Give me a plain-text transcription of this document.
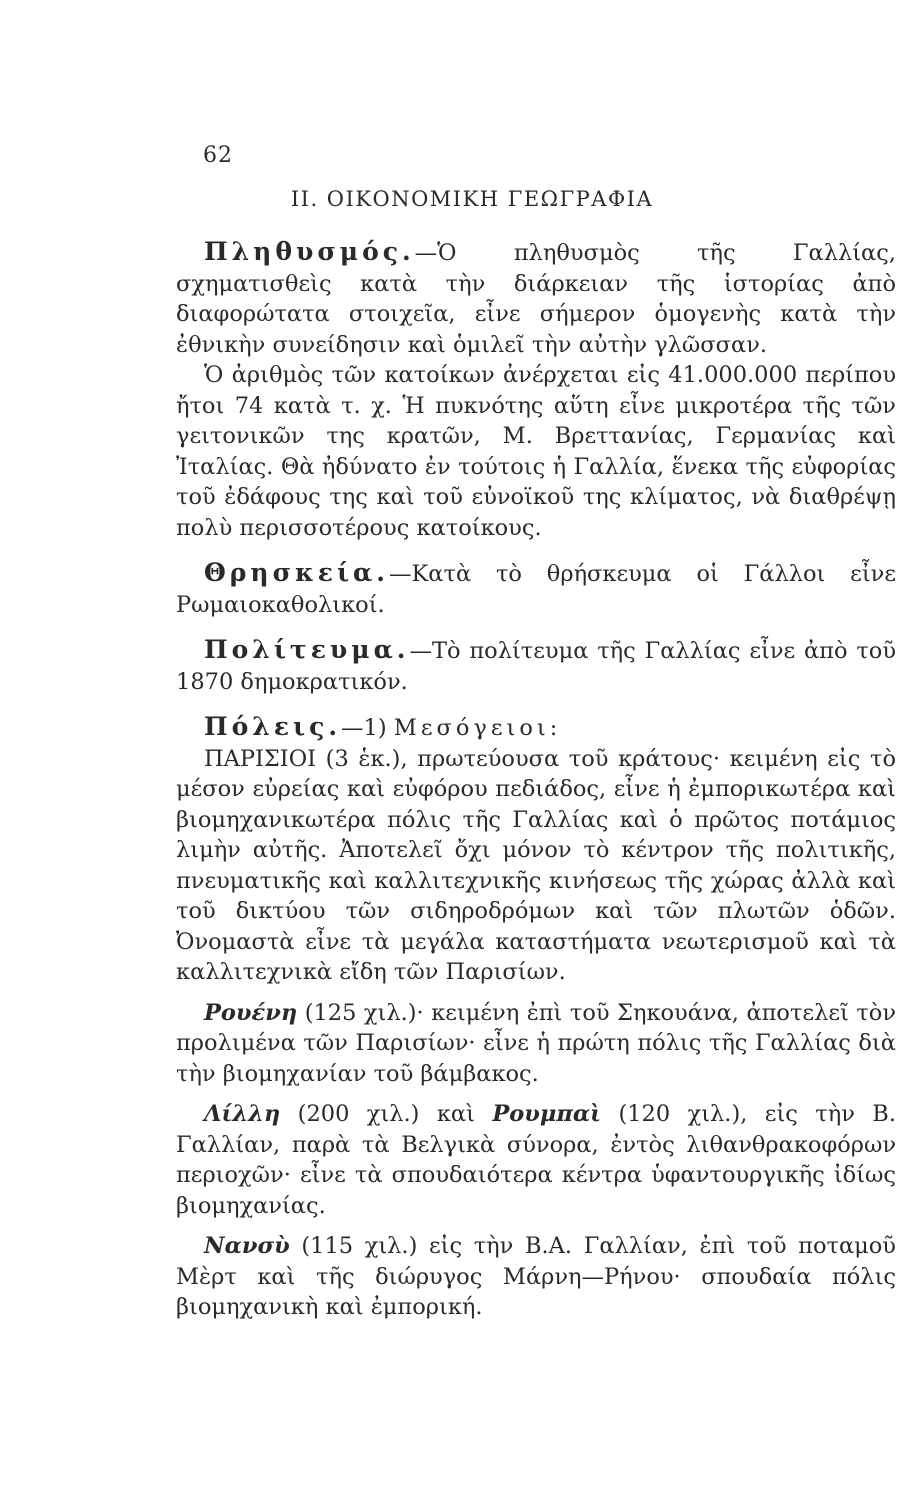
62
II. ΟΙΚΟΝΟΜΙΚΗ ΓΕΩΓΡΑΦΙΑ

Πληθυσμός.—Ὁ πληθυσμὸς τῆς Γαλλίας, σχηματισθεὶς κατὰ τὴν διάρκειαν τῆς ἱστορίας ἀπὸ διαφορώτατα στοιχεῖα, εἶνε σήμερον ὁμογενὴς κατὰ τὴν ἐθνικὴν συνείδησιν καὶ ὁμιλεῖ τὴν αὐτὴν γλῶσσαν.

Ὁ ἀριθμὸς τῶν κατοίκων ἀνέρχεται εἰς 41.000.000 περίπου ἤτοι 74 κατὰ τ. χ. Ἡ πυκνότης αὕτη εἶνε μικροτέρα τῆς τῶν γειτονικῶν της κρατῶν, Μ. Βρεττανίας, Γερμανίας καὶ Ἰταλίας. Θὰ ἠδύνατο ἐν τούτοις ἡ Γαλλία, ἕνεκα τῆς εὐφορίας τοῦ ἐδάφους της καὶ τοῦ εὐνοϊκοῦ της κλίματος, νὰ διαθρέψῃ πολὺ περισσοτέρους κατοίκους.

Θρησκεία.—Κατὰ τὸ θρήσκευμα οἱ Γάλλοι εἶνε Ρωμαιοκαθολικοί.

Πολίτευμα.—Τὸ πολίτευμα τῆς Γαλλίας εἶνε ἀπὸ τοῦ 1870 δημοκρατικόν.

Πόλεις.—1) Μεσόγειοι:

ΠΑΡΙΣΙΟΙ (3 ἑκ.), πρωτεύουσα τοῦ κράτους· κειμένη εἰς τὸ μέσον εὐρείας καὶ εὐφόρου πεδιάδος, εἶνε ἡ ἐμπορικωτέρα καὶ βιομηχανικωτέρα πόλις τῆς Γαλλίας καὶ ὁ πρῶτος ποτάμιος λιμὴν αὐτῆς. Ἀποτελεῖ ὄχι μόνον τὸ κέντρον τῆς πολιτικῆς, πνευματικῆς καὶ καλλιτεχνικῆς κινήσεως τῆς χώρας ἀλλὰ καὶ τοῦ δικτύου τῶν σιδηροδρόμων καὶ τῶν πλωτῶν ὁδῶν. Ὀνομαστὰ εἶνε τὰ μεγάλα καταστήματα νεωτερισμοῦ καὶ τὰ καλλιτεχνικὰ εἴδη τῶν Παρισίων.

Ρουένη (125 χιλ.)· κειμένη ἐπὶ τοῦ Σηκουάνα, ἀποτελεῖ τὸν προλιμένα τῶν Παρισίων· εἶνε ἡ πρώτη πόλις τῆς Γαλλίας διὰ τὴν βιομηχανίαν τοῦ βάμβακος.

Λίλλη (200 χιλ.) καὶ Ρουμπαὶ (120 χιλ.), εἰς τὴν Β. Γαλλίαν, παρὰ τὰ Βελγικὰ σύνορα, ἐντὸς λιθανθρακοφόρων περιοχῶν· εἶνε τὰ σπουδαιότερα κέντρα ὑφαντουργικῆς ἰδίως βιομηχανίας.

Νανσὺ (115 χιλ.) εἰς τὴν Β.Α. Γαλλίαν, ἐπὶ τοῦ ποταμοῦ Μὲρτ καὶ τῆς διώρυγος Μάρνη—Ρήνου· σπουδαία πόλις βιομηχανικὴ καὶ ἐμπορική.
